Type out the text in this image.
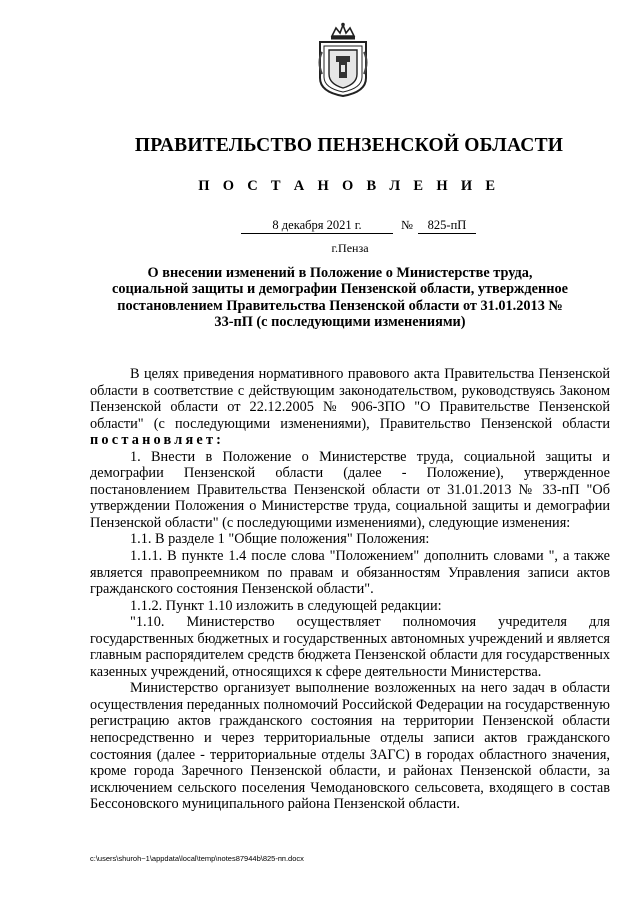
ПРАВИТЕЛЬСТВО ПЕНЗЕНСКОЙ ОБЛАСТИ
П О С Т А Н О В Л Е Н И Е
8 декабря 2021 г.	№	825-пП
г.Пенза
О внесении изменений в Положение о Министерстве труда, социальной защиты и демографии Пензенской области, утвержденное постановлением Правительства Пензенской области от 31.01.2013 № 33-пП (с последующими изменениями)

В целях приведения нормативного правового акта Правительства Пензенской области в соответствие с действующим законодательством, руководствуясь Законом Пензенской области от 22.12.2005 № 906-ЗПО "О Правительстве Пензенской области" (с последующими изменениями), Правительство Пензенской области постановляет:

1. Внести в Положение о Министерстве труда, социальной защиты и демографии Пензенской области (далее - Положение), утвержденное постановлением Правительства Пензенской области от 31.01.2013 № 33-пП "Об утверждении Положения о Министерстве труда, социальной защиты и демографии Пензенской области" (с последующими изменениями), следующие изменения:

1.1. В разделе 1 "Общие положения" Положения:

1.1.1. В пункте 1.4 после слова "Положением" дополнить словами ", а также является правопреемником по правам и обязанностям Управления записи актов гражданского состояния Пензенской области".

1.1.2. Пункт 1.10 изложить в следующей редакции:

"1.10. Министерство осуществляет полномочия учредителя для государственных бюджетных и государственных автономных учреждений и является главным распорядителем средств бюджета Пензенской области для государственных казенных учреждений, относящихся к сфере деятельности Министерства.

Министерство организует выполнение возложенных на него задач в области осуществления переданных полномочий Российской Федерации на государственную регистрацию актов гражданского состояния на территории Пензенской области непосредственно и через территориальные отделы записи актов гражданского состояния (далее - территориальные отделы ЗАГС) в городах областного значения, кроме города Заречного Пензенской области, и районах Пензенской области, за исключением сельского поселения Чемодановского сельсовета, входящего в состав Бессоновского муниципального района Пензенской области.

c:\users\shuroh~1\appdata\local\temp\notes87944b\825-пп.docx
